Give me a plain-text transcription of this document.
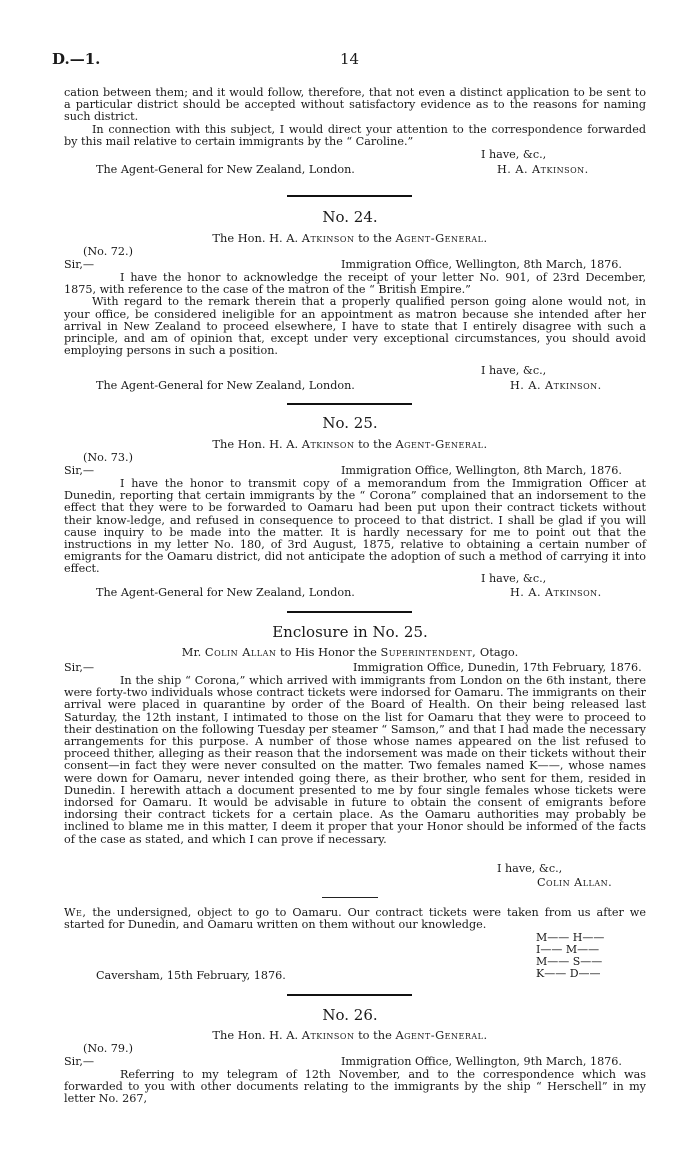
D.—1.	14

cation between them; and it would follow, therefore, that not even a distinct application to be sent to a particular district should be accepted without satisfactory evidence as to the reasons for naming such district.

In connection with this subject, I would direct your attention to the correspondence forwarded by this mail relative to certain immigrants by the “ Caroline.”

I have, &c.,
The Agent-General for New Zealand, London.	H. A. Atkinson.
No. 24.
The Hon. H. A. Atkinson to the Agent-General.
(No. 72.)
Sir,—	Immigration Office, Wellington, 8th March, 1876.

I have the honor to acknowledge the receipt of your letter No. 901, of 23rd December, 1875, with reference to the case of the matron of the “ British Empire.”

With regard to the remark therein that a properly qualified person going alone would not, in your office, be considered ineligible for an appointment as matron because she intended after her arrival in New Zealand to proceed elsewhere, I have to state that I entirely disagree with such a principle, and am of opinion that, except under very exceptional circumstances, you should avoid employing persons in such a position.

I have, &c.,
The Agent-General for New Zealand, London.	H. A. Atkinson.
No. 25.
The Hon. H. A. Atkinson to the Agent-General.
(No. 73.)
Sir,—	Immigration Office, Wellington, 8th March, 1876.

I have the honor to transmit copy of a memorandum from the Immigration Officer at Dunedin, reporting that certain immigrants by the “ Corona” complained that an indorsement to the effect that they were to be forwarded to Oamaru had been put upon their contract tickets without their know-ledge, and refused in consequence to proceed to that district. I shall be glad if you will cause inquiry to be made into the matter. It is hardly necessary for me to point out that the instructions in my letter No. 180, of 3rd August, 1875, relative to obtaining a certain number of emigrants for the Oamaru district, did not anticipate the adoption of such a method of carrying it into effect.

I have, &c.,
The Agent-General for New Zealand, London.	H. A. Atkinson.
Enclosure in No. 25.
Mr. Colin Allan to His Honor the Superintendent, Otago.
Sir,—	Immigration Office, Dunedin, 17th February, 1876.

In the ship “ Corona,” which arrived with immigrants from London on the 6th instant, there were forty-two individuals whose contract tickets were indorsed for Oamaru. The immigrants on their arrival were placed in quarantine by order of the Board of Health. On their being released last Saturday, the 12th instant, I intimated to those on the list for Oamaru that they were to proceed to their destination on the following Tuesday per steamer “ Samson,” and that I had made the necessary arrangements for this purpose. A number of those whose names appeared on the list refused to proceed thither, alleging as their reason that the indorsement was made on their tickets without their consent—in fact they were never consulted on the matter. Two females named K——, whose names were down for Oamaru, never intended going there, as their brother, who sent for them, resided in Dunedin. I herewith attach a document presented to me by four single females whose tickets were indorsed for Oamaru. It would be advisable in future to obtain the consent of emigrants before indorsing their contract tickets for a certain place. As the Oamaru authorities may probably be inclined to blame me in this matter, I deem it proper that your Honor should be informed of the facts of the case as stated, and which I can prove if necessary.

I have, &c.,
Colin Allan.

We, the undersigned, object to go to Oamaru. Our contract tickets were taken from us after we started for Dunedin, and Oamaru written on them without our knowledge.

M—— H——
I—— M——
M—— S——
K—— D——
Caversham, 15th February, 1876.
No. 26.
The Hon. H. A. Atkinson to the Agent-General.
(No. 79.)
Sir,—	Immigration Office, Wellington, 9th March, 1876.

Referring to my telegram of 12th November, and to the correspondence which was forwarded to you with other documents relating to the immigrants by the ship “ Herschell” in my letter No. 267,
